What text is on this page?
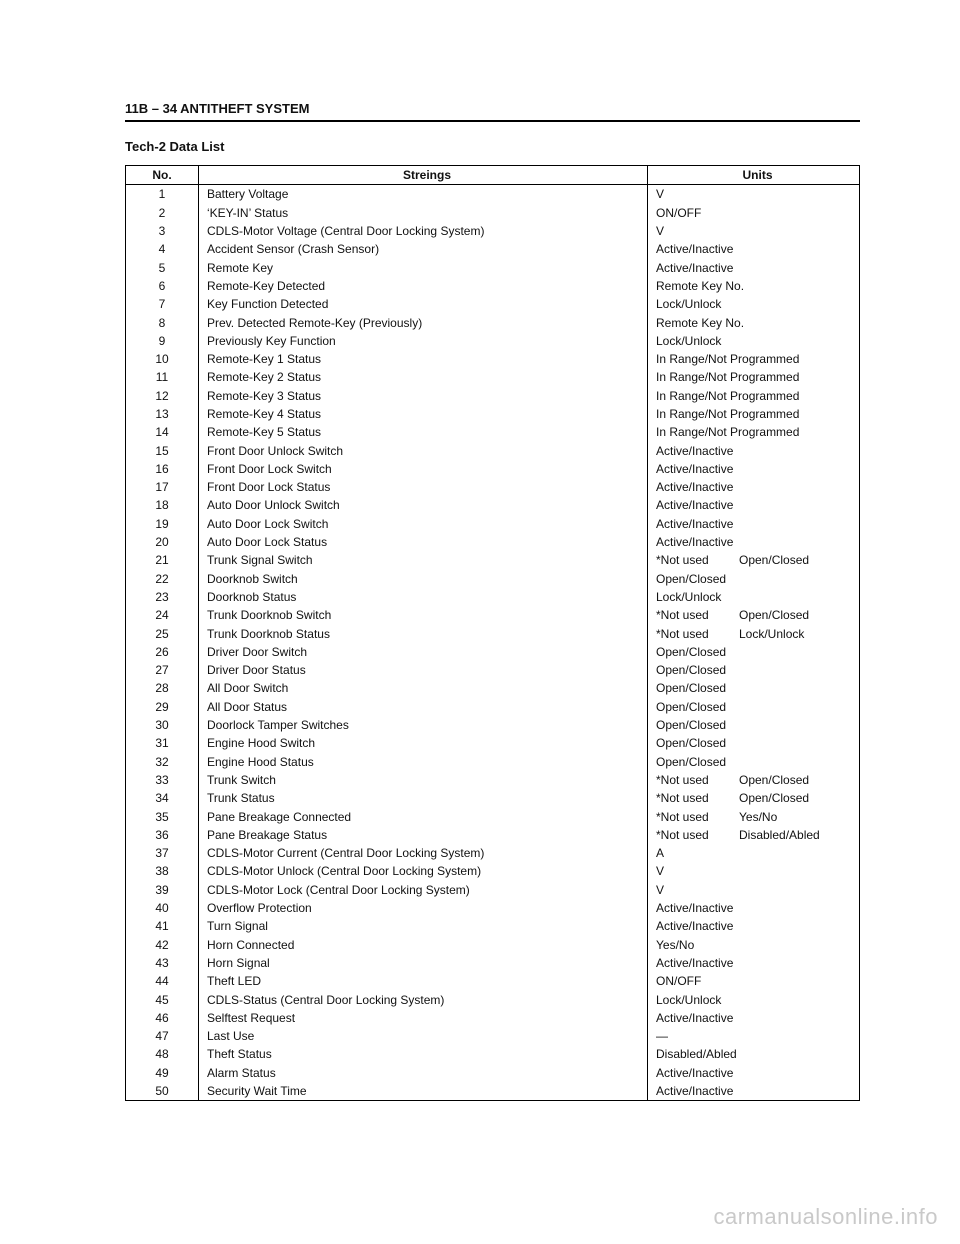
11B – 34 ANTITHEFT SYSTEM
Tech-2 Data List
No.	Streings	Units
1	Battery Voltage	V
2	‘KEY-IN’ Status	ON/OFF
3	CDLS-Motor Voltage (Central Door Locking System)	V
4	Accident Sensor (Crash Sensor)	Active/Inactive
5	Remote Key	Active/Inactive
6	Remote-Key Detected	Remote Key No.
7	Key Function Detected	Lock/Unlock
8	Prev. Detected Remote-Key (Previously)	Remote Key No.
9	Previously Key Function	Lock/Unlock
10	Remote-Key 1 Status	In Range/Not Programmed
11	Remote-Key 2 Status	In Range/Not Programmed
12	Remote-Key 3 Status	In Range/Not Programmed
13	Remote-Key 4 Status	In Range/Not Programmed
14	Remote-Key 5 Status	In Range/Not Programmed
15	Front Door Unlock Switch	Active/Inactive
16	Front Door Lock Switch	Active/Inactive
17	Front Door Lock Status	Active/Inactive
18	Auto Door Unlock Switch	Active/Inactive
19	Auto Door Lock Switch	Active/Inactive
20	Auto Door Lock Status	Active/Inactive
21	Trunk Signal Switch	*Not used Open/Closed
22	Doorknob Switch	Open/Closed
23	Doorknob Status	Lock/Unlock
24	Trunk Doorknob Switch	*Not used Open/Closed
25	Trunk Doorknob Status	*Not used Lock/Unlock
26	Driver Door Switch	Open/Closed
27	Driver Door Status	Open/Closed
28	All Door Switch	Open/Closed
29	All Door Status	Open/Closed
30	Doorlock Tamper Switches	Open/Closed
31	Engine Hood Switch	Open/Closed
32	Engine Hood Status	Open/Closed
33	Trunk Switch	*Not used Open/Closed
34	Trunk Status	*Not used Open/Closed
35	Pane Breakage Connected	*Not used Yes/No
36	Pane Breakage Status	*Not used Disabled/Abled
37	CDLS-Motor Current (Central Door Locking System)	A
38	CDLS-Motor Unlock (Central Door Locking System)	V
39	CDLS-Motor Lock (Central Door Locking System)	V
40	Overflow Protection	Active/Inactive
41	Turn Signal	Active/Inactive
42	Horn Connected	Yes/No
43	Horn Signal	Active/Inactive
44	Theft LED	ON/OFF
45	CDLS-Status (Central Door Locking System)	Lock/Unlock
46	Selftest Request	Active/Inactive
47	Last Use	—
48	Theft Status	Disabled/Abled
49	Alarm Status	Active/Inactive
50	Security Wait Time	Active/Inactive
carmanualsonline.info
